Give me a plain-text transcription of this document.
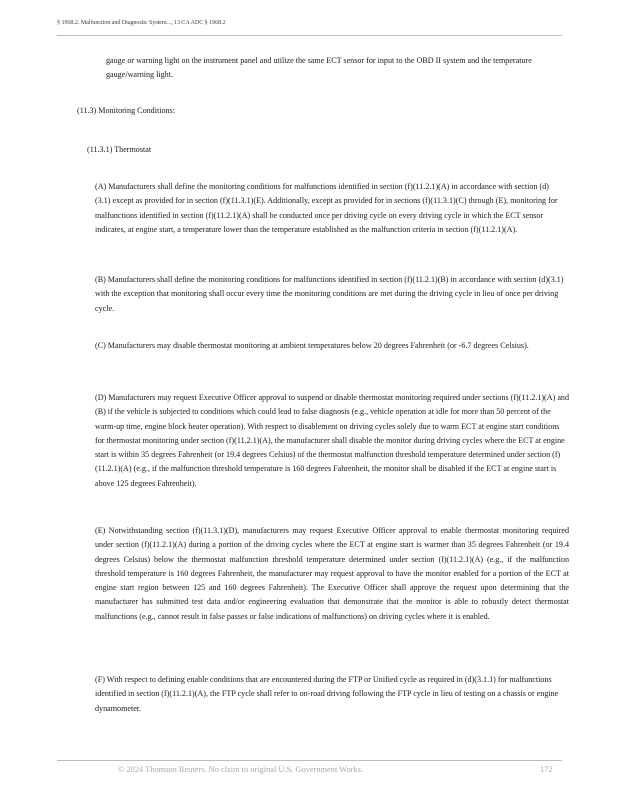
§ 1968.2. Malfunction and Diagnostic System..., 13 CA ADC § 1968.2
gauge or warning light on the instrument panel and utilize the same ECT sensor for input to the OBD II system and the temperature gauge/warning light.
(11.3) Monitoring Conditions:
(11.3.1) Thermostat
(A) Manufacturers shall define the monitoring conditions for malfunctions identified in section (f)(11.2.1)(A) in accordance with section (d)(3.1) except as provided for in section (f)(11.3.1)(E). Additionally, except as provided for in sections (f)(11.3.1)(C) through (E), monitoring for malfunctions identified in section (f)(11.2.1)(A) shall be conducted once per driving cycle on every driving cycle in which the ECT sensor indicates, at engine start, a temperature lower than the temperature established as the malfunction criteria in section (f)(11.2.1)(A).
(B) Manufacturers shall define the monitoring conditions for malfunctions identified in section (f)(11.2.1)(B) in accordance with section (d)(3.1) with the exception that monitoring shall occur every time the monitoring conditions are met during the driving cycle in lieu of once per driving cycle.
(C) Manufacturers may disable thermostat monitoring at ambient temperatures below 20 degrees Fahrenheit (or -6.7 degrees Celsius).
(D) Manufacturers may request Executive Officer approval to suspend or disable thermostat monitoring required under sections (f)(11.2.1)(A) and (B) if the vehicle is subjected to conditions which could lead to false diagnosis (e.g., vehicle operation at idle for more than 50 percent of the warm-up time, engine block heater operation). With respect to disablement on driving cycles solely due to warm ECT at engine start conditions for thermostat monitoring under section (f)(11.2.1)(A), the manufacturer shall disable the monitor during driving cycles where the ECT at engine start is within 35 degrees Fahrenheit (or 19.4 degrees Celsius) of the thermostat malfunction threshold temperature determined under section (f)(11.2.1)(A) (e.g., if the malfunction threshold temperature is 160 degrees Fahrenheit, the monitor shall be disabled if the ECT at engine start is above 125 degrees Fahrenheit).
(E) Notwithstanding section (f)(11.3.1)(D), manufacturers may request Executive Officer approval to enable thermostat monitoring required under section (f)(11.2.1)(A) during a portion of the driving cycles where the ECT at engine start is warmer than 35 degrees Fahrenheit (or 19.4 degrees Celsius) below the thermostat malfunction threshold temperature determined under section (f)(11.2.1)(A) (e.g., if the malfunction threshold temperature is 160 degrees Fahrenheit, the manufacturer may request approval to have the monitor enabled for a portion of the ECT at engine start region between 125 and 160 degrees Fahrenheit). The Executive Officer shall approve the request upon determining that the manufacturer has submitted test data and/or engineering evaluation that demonstrate that the monitor is able to robustly detect thermostat malfunctions (e.g., cannot result in false passes or false indications of malfunctions) on driving cycles where it is enabled.
(F) With respect to defining enable conditions that are encountered during the FTP or Unified cycle as required in (d)(3.1.1) for malfunctions identified in section (f)(11.2.1)(A), the FTP cycle shall refer to on-road driving following the FTP cycle in lieu of testing on a chassis or engine dynamometer.
© 2024 Thomson Reuters. No claim to original U.S. Government Works.	172
